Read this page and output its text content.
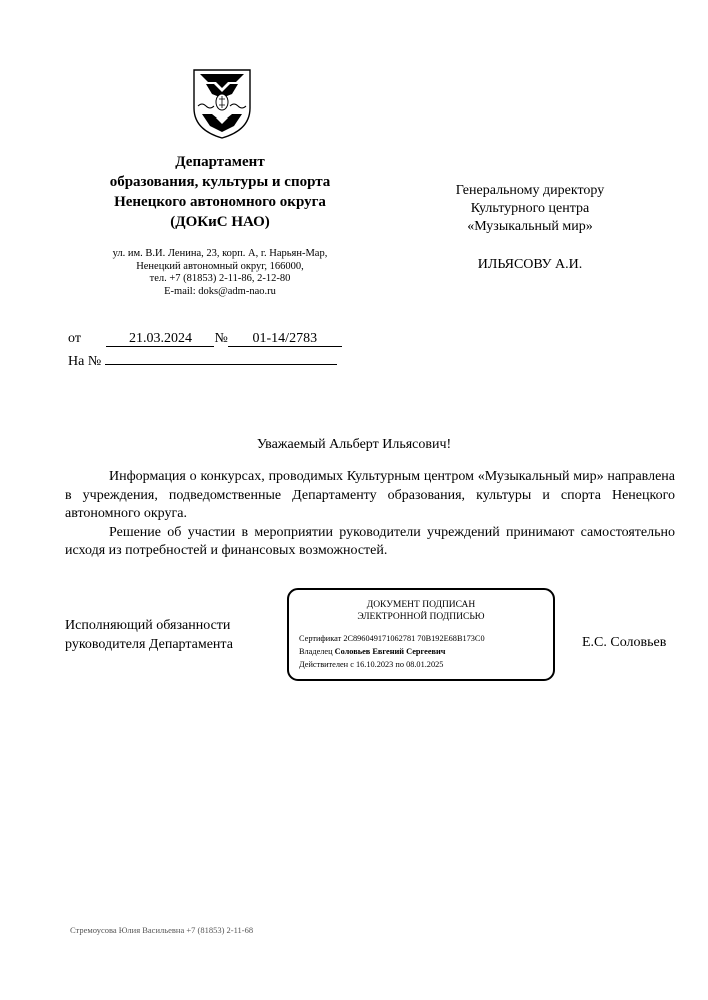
Департамент
образования, культуры и спорта
Ненецкого автономного округа
(ДОКиС НАО)
ул. им. В.И. Ленина, 23, корп. А, г. Нарьян-Мар,
Ненецкий автономный округ, 166000,
тел. +7 (81853) 2-11-86, 2-12-80
E-mail: doks@adm-nao.ru
Генеральному директору
Культурного центра
«Музыкальный мир»
ИЛЬЯСОВУ А.И.
от	21.03.2024 № 01-14/2783
На №
Уважаемый Альберт Ильясович!

Информация о конкурсах, проводимых Культурным центром «Музыкальный мир» направлена в учреждения, подведомственные Департаменту образования, культуры и спорта Ненецкого автономного округа.

Решение об участии в мероприятии руководители учреждений принимают самостоятельно исходя из потребностей и финансовых возможностей.

Исполняющий обязанности
руководителя Департамента
ДОКУМЕНТ ПОДПИСАН
ЭЛЕКТРОННОЙ ПОДПИСЬЮ
Сертификат 2C896049171062781 70B192E68B173C0
Владелец Соловьев Евгений Сергеевич
Действителен с 16.10.2023 по 08.01.2025
Е.С. Соловьев
Стремоусова Юлия Васильевна +7 (81853) 2-11-68
